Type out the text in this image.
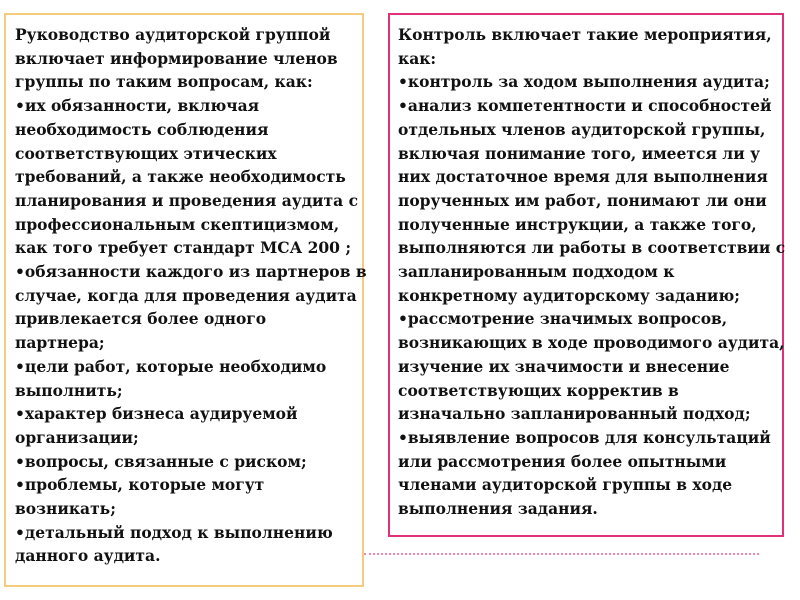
Руководство аудиторской группой
включает информирование членов
группы по таким вопросам, как:
•их обязанности, включая
необходимость соблюдения
соответствующих этических
требований, а также необходимость
планирования и проведения аудита с
профессиональным скептицизмом,
как того требует стандарт МСА 200 ;
•обязанности каждого из партнеров в
случае, когда для проведения аудита
привлекается более одного
партнера;
•цели работ, которые необходимо
выполнить;
•характер бизнеса аудируемой
организации;
•вопросы, связанные с риском;
•проблемы, которые могут
возникать;
•детальный подход к выполнению
данного аудита.

Контроль включает такие мероприятия,
как:
•контроль за ходом выполнения аудита;
•анализ компетентности и способностей
отдельных членов аудиторской группы,
включая понимание того, имеется ли у
них достаточное время для выполнения
порученных им работ, понимают ли они
полученные инструкции, а также того,
выполняются ли работы в соответствии с
запланированным подходом к
конкретному аудиторскому заданию;
•рассмотрение значимых вопросов,
возникающих в ходе проводимого аудита,
изучение их значимости и внесение
соответствующих корректив в
изначально запланированный подход;
•выявление вопросов для консультаций
или рассмотрения более опытными
членами аудиторской группы в ходе
выполнения задания.
